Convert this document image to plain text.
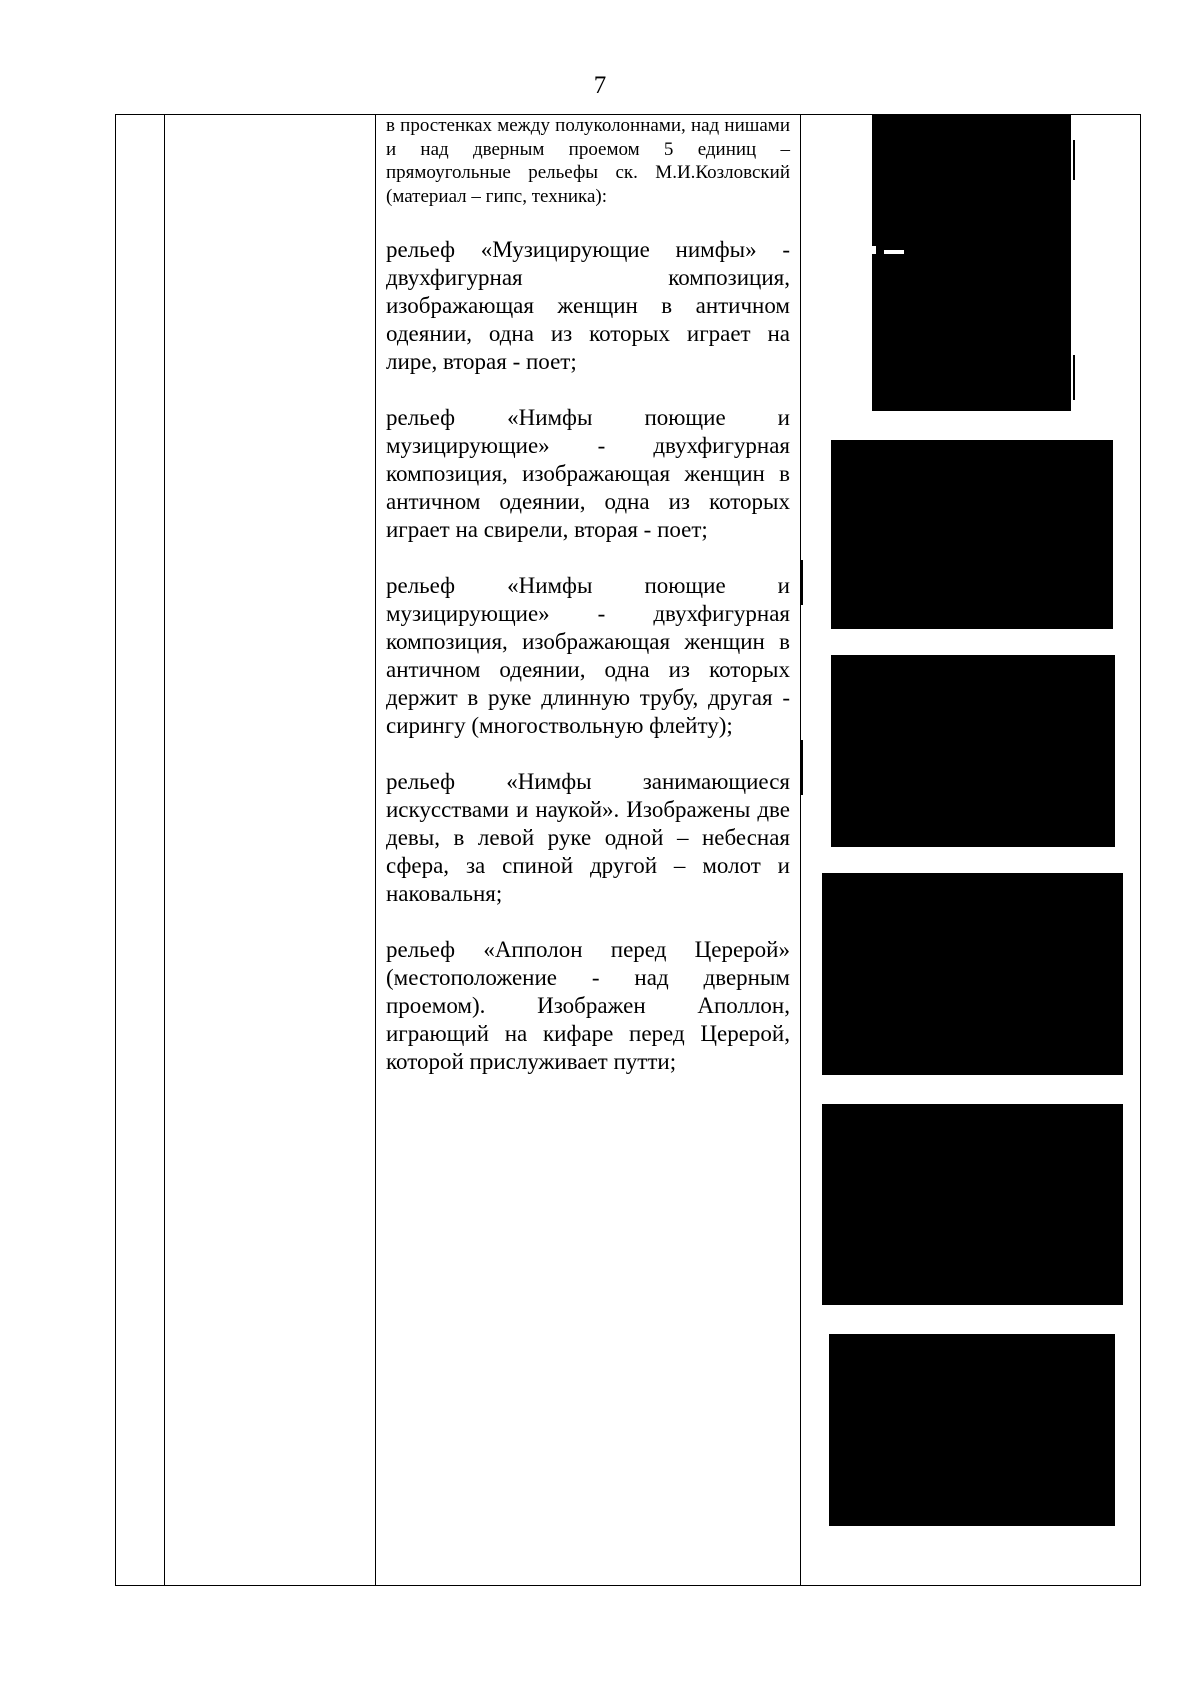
7

в простенках между полуколоннами, над нишами и над дверным проемом 5 единиц – прямоугольные рельефы ск. М.И.Козловский (материал – гипс, техника):

рельеф «Музицирующие нимфы» - двухфигурная композиция, изображающая женщин в античном одеянии, одна из которых играет на лире, вторая - поет;

рельеф «Нимфы поющие и музицирующие» - двухфигурная композиция, изображающая женщин в античном одеянии, одна из которых играет на свирели, вторая - поет;

рельеф «Нимфы поющие и музицирующие» - двухфигурная композиция, изображающая женщин в античном одеянии, одна из которых держит в руке длинную трубу, другая - сирингу (многоствольную флейту);

рельеф «Нимфы занимающиеся искусствами и наукой». Изображены две девы, в левой руке одной – небесная сфера, за спиной другой – молот и наковальня;

рельеф «Апполон перед Церерой» (местоположение - над дверным проемом). Изображен Аполлон, играющий на кифаре перед Церерой, которой прислуживает путти;
